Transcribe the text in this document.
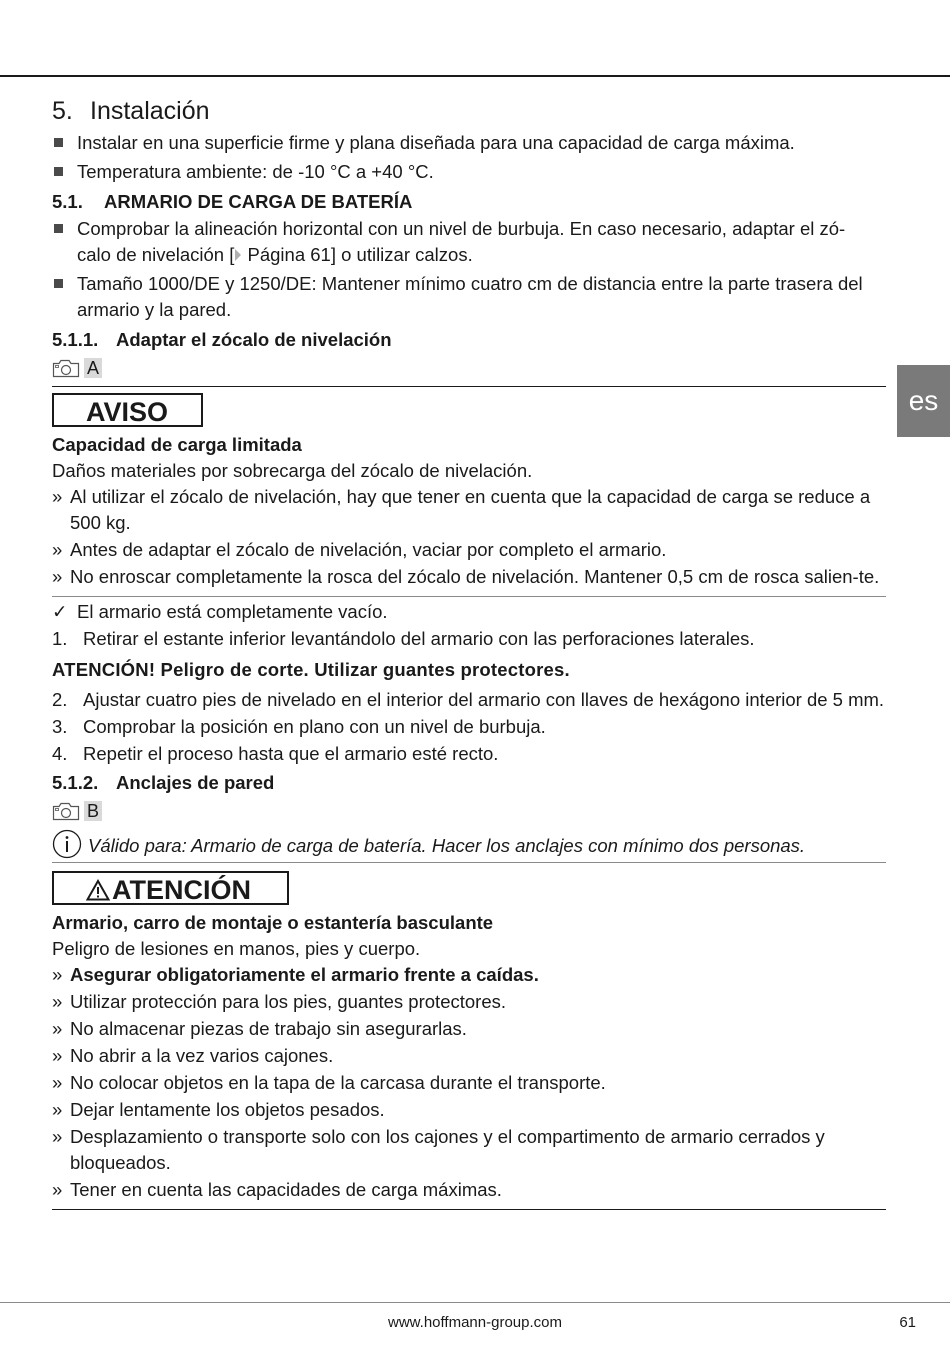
es
5. Instalación
Instalar en una superficie firme y plana diseñada para una capacidad de carga máxima.
Temperatura ambiente: de -10 °C a +40 °C.
5.1. ARMARIO DE CARGA DE BATERÍA
Comprobar la alineación horizontal con un nivel de burbuja. En caso necesario, adaptar el zó-
calo de nivelación [ Página 61] o utilizar calzos.
Tamaño 1000/DE y 1250/DE: Mantener mínimo cuatro cm de distancia entre la parte trasera del armario y la pared.
5.1.1. Adaptar el zócalo de nivelación
A
AVISO
Capacidad de carga limitada
Daños materiales por sobrecarga del zócalo de nivelación.
» Al utilizar el zócalo de nivelación, hay que tener en cuenta que la capacidad de carga se reduce a 500 kg.
» Antes de adaptar el zócalo de nivelación, vaciar por completo el armario.
» No enroscar completamente la rosca del zócalo de nivelación. Mantener 0,5 cm de rosca salien-te.
✓ El armario está completamente vacío.
1. Retirar el estante inferior levantándolo del armario con las perforaciones laterales.
ATENCIÓN! Peligro de corte. Utilizar guantes protectores.
2. Ajustar cuatro pies de nivelado en el interior del armario con llaves de hexágono interior de 5 mm.
3. Comprobar la posición en plano con un nivel de burbuja.
4. Repetir el proceso hasta que el armario esté recto.
5.1.2. Anclajes de pared
B
Válido para: Armario de carga de batería. Hacer los anclajes con mínimo dos personas.
ATENCIÓN
Armario, carro de montaje o estantería basculante
Peligro de lesiones en manos, pies y cuerpo.
» Asegurar obligatoriamente el armario frente a caídas.
» Utilizar protección para los pies, guantes protectores.
» No almacenar piezas de trabajo sin asegurarlas.
» No abrir a la vez varios cajones.
» No colocar objetos en la tapa de la carcasa durante el transporte.
» Dejar lentamente los objetos pesados.
» Desplazamiento o transporte solo con los cajones y el compartimento de armario cerrados y bloqueados.
» Tener en cuenta las capacidades de carga máximas.
www.hoffmann-group.com	61
